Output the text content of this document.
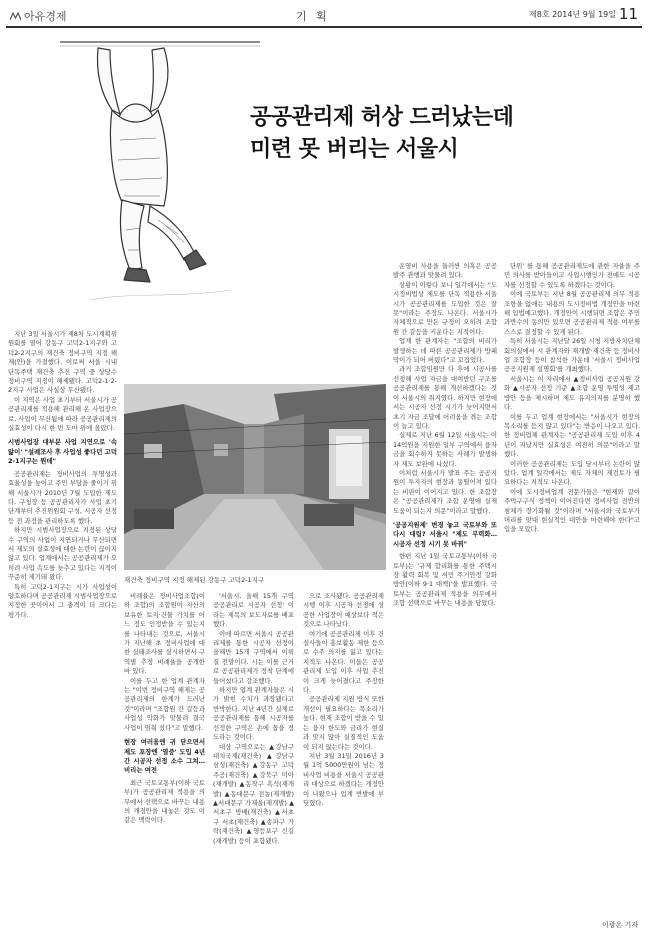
아유경제	기 획	제8호 2014년 9월 19일 11
공공관리제 허상 드러났는데
미련 못 버리는 서울시
재건축 정비구역 지정 해제된 강동구 고덕2-1지구

지난 3일 서울시가 제8차 도시계획위원회를 열어 강동구 고덕2-1지구와 고덕2-2지구의 재건축 정비구역 지정 해제(안)을 가결했다. 이로써 서울 시내 단독주택 재건축 추진 구역 중 상당수 정비구역 지정이 해제됐다. 고덕2-1·2-2지구 사업은 사실상 무산됐다.

이 지역은 사업 초기부터 서울시가 공공관리제를 적용해 관리해 온 사업장으로, 사업이 무산됨에 따라 공공관리제의 실효성이 다시 한 번 도마 위에 올랐다.

시범사업장 대부분 사업 지연으로 '속앓이' "설례조사 후 사업성 좋다던 고덕2-1지구는 뭔데"

공공관리제는 정비사업의 투명성과 효율성을 높이고 주민 부담을 줄이기 위해 서울시가 2010년 7월 도입한 제도다. 구청장 등 공공관리자가 사업 초기 단계부터 추진위원회 구성, 시공자 선정 등 전 과정을 관리하도록 했다.

하지만 시범사업장으로 지정된 상당수 구역의 사업이 지연되거나 무산되면서 제도의 실효성에 대한 논란이 끊이지 않고 있다. 업계에서는 공공관리제가 오히려 사업 속도를 늦추고 있다는 지적이 꾸준히 제기돼 왔다.

특히 고덕2-1지구는 시가 사업성이 양호하다며 공공관리제 시범사업장으로 지정한 곳이어서 그 충격이 더 크다는 평가다.

비례율은 정비사업조합(이하 조합)의 조합원이 자산의 보유한 토지·건물 가치를 어느 정도 인정받을 수 있는지를 나타내는 것으로, 서울시가 지난해 초 정비사업에 대한 실태조사를 실시하면서 구역별 추정 비례율을 공개한 바 있다.

이를 두고 한 업계 관계자는 "이번 정비구역 해제는 공공관리제의 한계가 드러난 것"이라며 "조합원 간 갈등과 사업성 악화가 맞물려 결국 사업이 멈춰 섰다"고 말했다.

현장 여러움엔 귀 닫으면서 제도 포장엔 '열중' 도입 4년간 시공자 선정 소수 그쳐… 비리는 여전

최근 국토교통부(이하 국토부)가 공공관리제 적용을 의무에서 선택으로 바꾸는 내용의 개정안을 내놓은 것도 이 같은 맥락이다.

'서울시, 올해 15개 구역 공공관리로 시공자 선정' 이라는 제목의 보도자료를 배포했다.

이에 따르면 서울시 공공관리제를 통한 시공자 선정이 올해만 15개 구역에서 이뤄질 전망이다. 시는 이를 근거로 공공관리제가 정착 단계에 들어섰다고 강조했다.

하지만 업계 관계자들은 시가 밝힌 수치가 과장됐다고 반박한다. 지난 4년간 실제로 공공관리제를 통해 시공자를 선정한 구역은 손에 꼽을 정도라는 것이다.

대상 구역으로는 ▲강남구 대치국제(재건축) ▲강남구 삼성(재건축) ▲강동구 고덕주공(재건축) ▲강북구 미아(재개발) ▲동작구 흑석(재개발) ▲동대문구 전농(재개발) ▲서대문구 가재울(재개발) ▲서초구 방배(재건축) ▲서초구 서초(재건축) ▲송파구 가락(재건축) ▲영등포구 신길(재개발) 등이 포함됐다.

으로 조사됐다. 공공관리제 시행 이후 시공자 선정에 성공한 사업장이 예상보다 적은 것으로 나타났다.

여기에 공공관리제 이후 건설사들이 홍보활동 제한 등으로 수주 의지를 잃고 있다는 지적도 나온다. 이들은 공공관리제 도입 이후 사업 추진이 크게 늦어졌다고 주장한다.

공공관리제 지원 방식 또한 개선이 필요하다는 목소리가 높다. 현재 조합이 받을 수 있는 융자 한도와 금리가 현실과 맞지 않아 실질적인 도움이 되지 않는다는 것이다.

지난 3월 31일 2016년 3월 1억 5000만원이 넘는 정비사업 비용을 서울시 공공관리 대상으로 하겠다는 개정안이 나왔으나 업계 반발에 부딪혔다.

운영비 사용을 둘러싼 의혹은 공공 발주 관행과 맞물려 있다.

상황이 이렇다 보니 일각에서는 "도시정비법상 제도를 단독 적용한 서울시가 공공관리제를 도입한 것은 잘못"이라는 주장도 나온다. 서울시가 자체적으로 만든 규정이 오히려 조합원 간 갈등을 키운다는 지적이다.

업계 한 관계자는 "조합의 비리가 발생하는 데 따른 공공관리제가 방패막이가 되어 버렸다"고 꼬집었다.

과거 조합임원만 다 후에 시공사를 선정해 사업 자금을 대여받던 구조를 공공관리제를 통해 개선하겠다는 것이 서울시의 취지였다. 하지만 현장에서는 시공자 선정 시기가 늦어지면서 초기 자금 조달에 어려움을 겪는 조합이 늘고 있다.

실제로 지난 6월 12일 서울시는 이 14억원을 지원한 일부 구역에서 융자금을 회수하지 못하는 사례가 발생하자 제도 보완에 나섰다.

이처럼 서울시가 발표 주는 공공지원이 투자자의 현장과 동떨어져 있다는 비판이 이어지고 있다. 한 조합장은 "공공관리제가 조합 운영에 실제 도움이 되는지 의문"이라고 말했다.

'공공지원제' 변경 놓고 국토부와 또다시 대립? 서울시 "제도 무력화… 시공자 선정 시기 못 바꿔"

한편 지난 1일 국토교통부(이하 국토부)는 '규제 합리화를 통한 주택시장 활력 회복 및 서민 주거안정 강화 방안(이하 9·1 대책)'을 발표했다. 국토부는 공공관리제 적용을 의무에서 조합 선택으로 바꾸는 내용을 담았다.

단위' 를 통해 공공관리제도에 관한 자율을 주민 의사를 받아들이고 사업시행인가 전에도 시공자를 선정할 수 있도록 하겠다는 것이다.

이에 국토부는 지난 8월 공공관리제 의무 적용 조항을 없애는 내용의 도시정비법 개정안을 마련해 입법예고했다. 개정안이 시행되면 조합은 주민 과반수의 동의만 있으면 공공관리제 적용 여부를 스스로 결정할 수 있게 된다.

특히 서울시는 지난달 26일 시청 지방자치단체 회의실에서 시 관계자와 재개발·재건축 등 정비사업 조합장 등이 참석한 가운데 '서울시 정비사업 공공지원제 설명회'를 개최했다.

서울시는 이 자리에서 ▲정비사업 공공지원 강화 ▲시공자 선정 기준 ▲조합 운영 투명성 제고 방안 등을 제시하며 제도 유지의지를 분명히 했다.

이를 두고 업계 현장에서는 "서울시가 현장의 목소리를 듣지 않고 있다"는 반응이 나오고 있다. 한 정비업체 관계자는 "공공관리제 도입 이후 4년이 지났지만 실효성은 여전히 의문"이라고 말했다.

이러한 공공관리제는 도입 당시부터 논란이 많았다. 업계 일각에서는 제도 자체의 재검토가 필요하다는 지적도 나온다.

이에 도시정비업계 전문가들은 "현재와 같이 주먹구구식 정책이 이어진다면 정비사업 전반의 침체가 장기화될 것"이라며 "서울시와 국토부가 머리를 맞대 현실적인 대안을 마련해야 한다"고 입을 모았다.

이광온 기자
